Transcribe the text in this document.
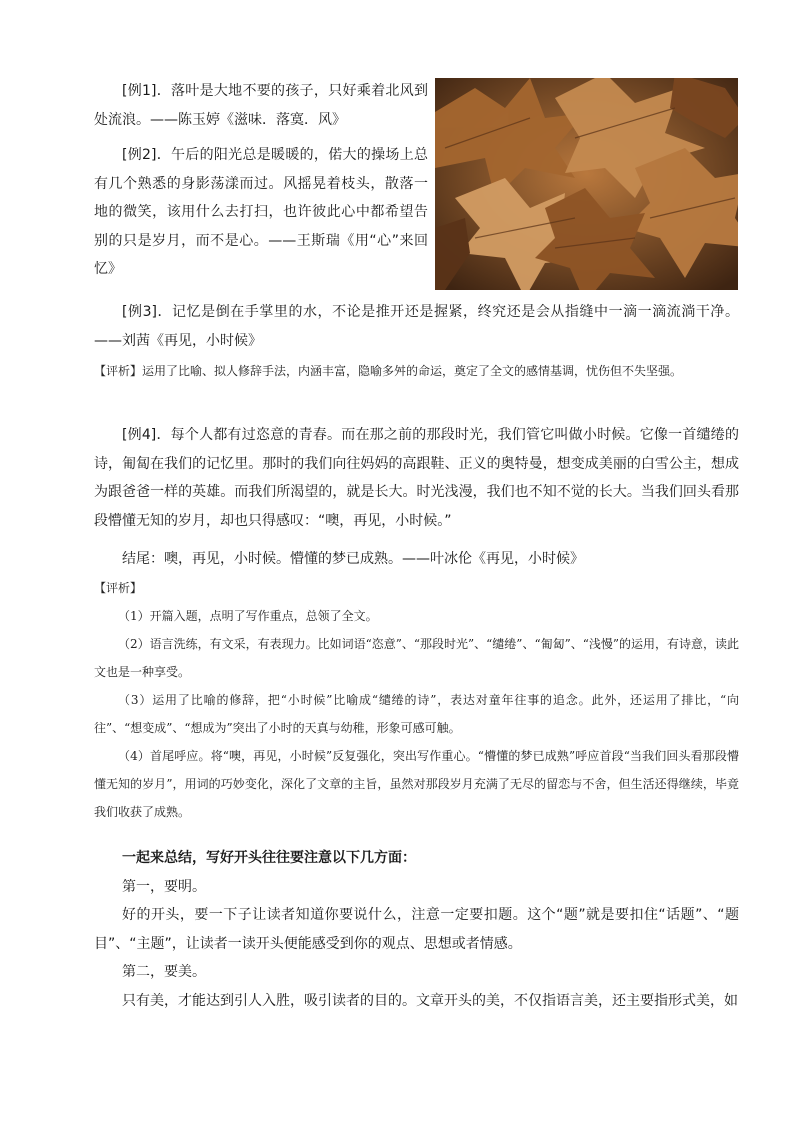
[例1]．落叶是大地不要的孩子，只好乘着北风到处流浪。——陈玉婷《滋味．落寞．风》

[例2]．午后的阳光总是暖暖的，偌大的操场上总有几个熟悉的身影荡漾而过。风摇晃着枝头，散落一地的微笑，该用什么去打扫，也许彼此心中都希望告别的只是岁月，而不是心。——王斯瑞《用“心”来回忆》

[例3]．记忆是倒在手掌里的水，不论是推开还是握紧，终究还是会从指缝中一滴一滴流淌干净。——刘茜《再见，小时候》

【评析】运用了比喻、拟人修辞手法，内涵丰富，隐喻多舛的命运，奠定了全文的感情基调，忧伤但不失坚强。

[例4]．每个人都有过恣意的青春。而在那之前的那段时光，我们管它叫做小时候。它像一首缱绻的诗，匍匐在我们的记忆里。那时的我们向往妈妈的高跟鞋、正义的奥特曼，想变成美丽的白雪公主，想成为跟爸爸一样的英雄。而我们所渴望的，就是长大。时光浅漫，我们也不知不觉的长大。当我们回头看那段懵懂无知的岁月，却也只得感叹：“噢，再见，小时候。”

结尾：噢，再见，小时候。懵懂的梦已成熟。——叶冰伦《再见，小时候》

【评析】

（1）开篇入题，点明了写作重点，总领了全文。

（2）语言洗练，有文采，有表现力。比如词语“恣意”、“那段时光”、“缱绻”、“匍匐”、“浅慢”的运用，有诗意，读此文也是一种享受。

（3）运用了比喻的修辞，把“小时候”比喻成“缱绻的诗”，表达对童年往事的追念。此外，还运用了排比，“向往”、“想变成”、“想成为”突出了小时的天真与幼稚，形象可感可触。

（4）首尾呼应。将“噢，再见，小时候”反复强化，突出写作重心。“懵懂的梦已成熟”呼应首段“当我们回头看那段懵懂无知的岁月”，用词的巧妙变化，深化了文章的主旨，虽然对那段岁月充满了无尽的留恋与不舍，但生活还得继续，毕竟我们收获了成熟。

一起来总结，写好开头往往要注意以下几方面：

第一，要明。

好的开头，要一下子让读者知道你要说什么，注意一定要扣题。这个“题”就是要扣住“话题”、“题目”、“主题”，让读者一读开头便能感受到你的观点、思想或者情感。

第二，要美。

只有美，才能达到引人入胜，吸引读者的目的。文章开头的美，不仅指语言美，还主要指形式美，如
